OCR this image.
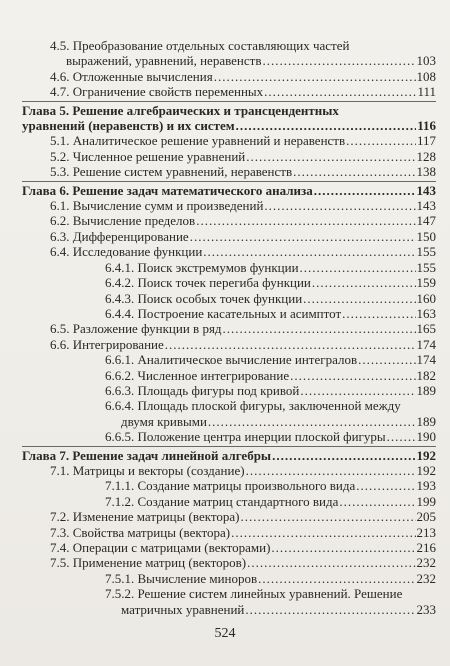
4.5. Преобразование отдельных составляющих частей
выражений, уравнений, неравенств .....	103
4.6. Отложенные вычисления .....	108
4.7. Ограничение свойств переменных .....	111
Глава 5. Решение алгебраических и трансцендентных
уравнений (неравенств) и их систем .....	116
5.1. Аналитическое решение уравнений и неравенств .....	117
5.2. Численное решение уравнений .....	128
5.3. Решение систем уравнений, неравенств .....	138
Глава 6. Решение задач математического анализа .....	143
6.1. Вычисление сумм и произведений .....	143
6.2. Вычисление пределов .....	147
6.3. Дифференцирование .....	150
6.4. Исследование функции .....	155
6.4.1. Поиск экстремумов функции .....	155
6.4.2. Поиск точек перегиба функции .....	159
6.4.3. Поиск особых точек функции .....	160
6.4.4. Построение касательных и асимптот .....	163
6.5. Разложение функции в ряд .....	165
6.6. Интегрирование .....	174
6.6.1. Аналитическое вычисление интегралов .....	174
6.6.2. Численное интегрирование .....	182
6.6.3. Площадь фигуры под кривой .....	189
6.6.4. Площадь плоской фигуры, заключенной между
двумя кривыми .....	189
6.6.5. Положение центра инерции плоской фигуры ..... 190
Глава 7. Решение задач линейной алгебры .....	192
7.1. Матрицы и векторы (создание) .....	192
7.1.1. Создание матрицы произвольного вида .....	193
7.1.2. Создание матриц стандартного вида .....	199
7.2. Изменение матрицы (вектора) .....	205
7.3. Свойства матрицы (вектора) .....	213
7.4. Операции с матрицами (векторами) .....	216
7.5. Применение матриц (векторов) .....	232
7.5.1. Вычисление миноров .....	232
7.5.2. Решение систем линейных уравнений. Решение
матричных уравнений .....	233
524
